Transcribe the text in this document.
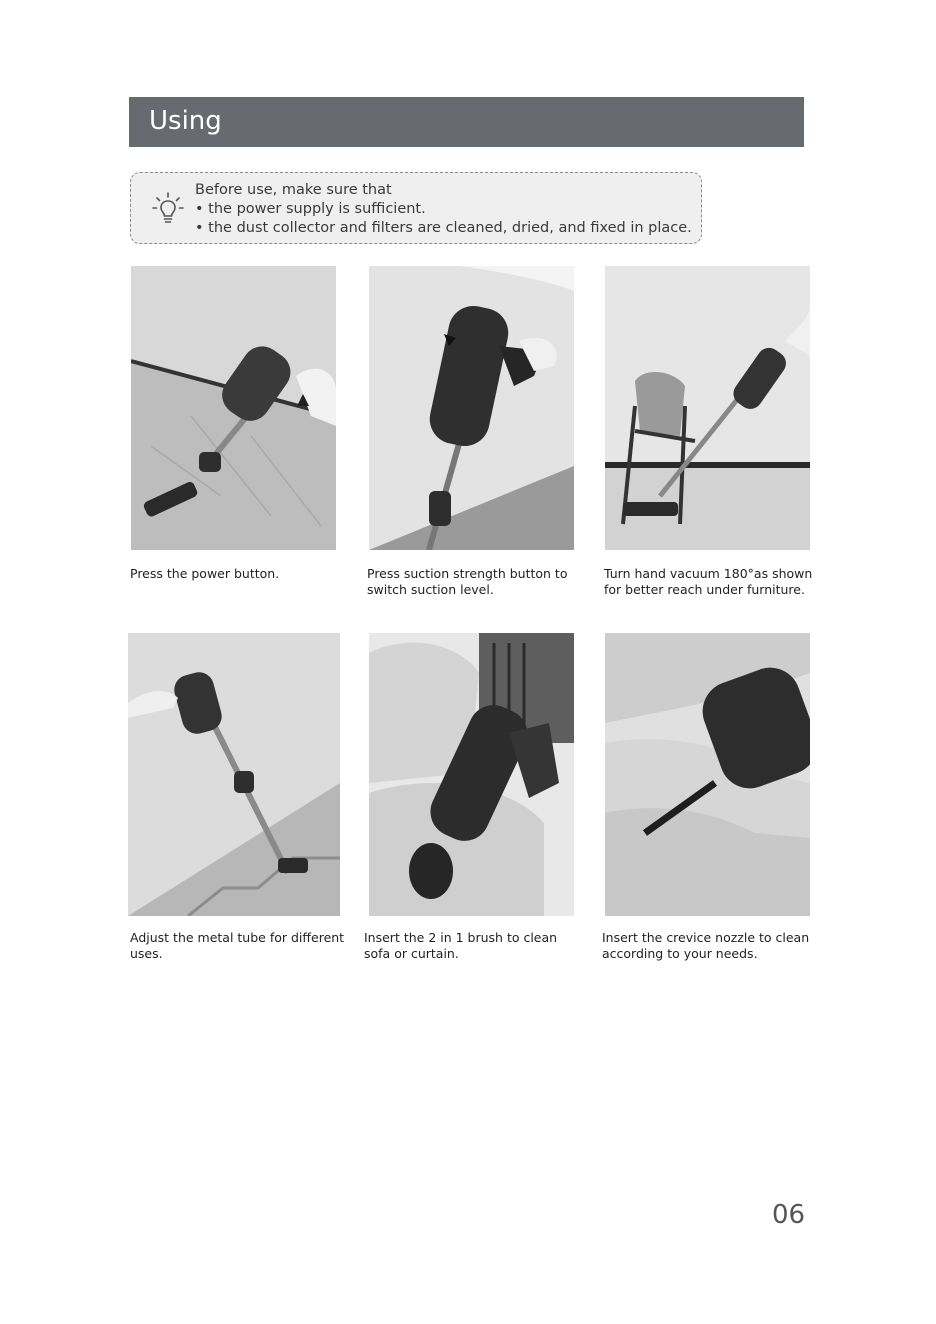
Using
Before use, make sure that
• the power supply is sufficient.
• the dust collector and filters are cleaned, dried, and fixed in place.
Press the power button.	Press suction strength button to
switch suction level.
Turn hand vacuum 180°as shown
for better reach under furniture.
Adjust the metal tube for different
uses.
Insert the 2 in 1 brush to clean
sofa or curtain.
Insert the crevice nozzle to clean
according to your needs.
06
